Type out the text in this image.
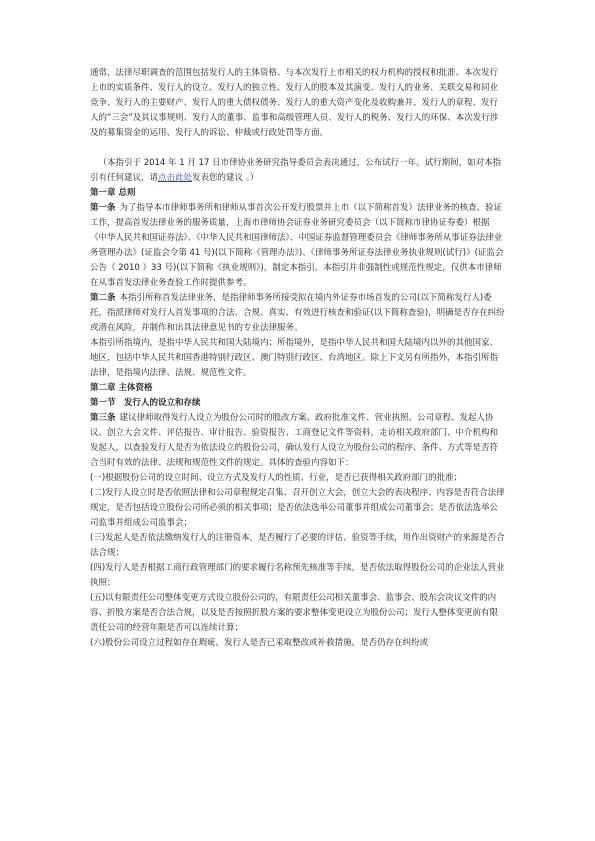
通常，法律尽职调查的范围包括发行人的主体资格、与本次发行上市相关的权力机构的授权和批准、本次发行上市的实质条件、发行人的设立、发行人的独立性、发行人的股本及其演变、发行人的业务、关联交易和同业竞争、发行人的主要财产、发行人的重大债权债务、发行人的重大资产变化及收购兼并、发行人的章程、发行人的“三会”及其议事规则、发行人的董事、监事和高级管理人员、发行人的税务、发行人的环保、本次发行涉及的募集资金的运用、发行人的诉讼、仲裁或行政处罚等方面。

（本指引于 2014 年 1 月 17 日市律协业务研究指导委员会表决通过，公布试行一年。试行期间，如对本指引有任何建议，请点击此处发表您的建议 。）

第一章 总则

第一条 为了指导本市律师事务所和律师从事首次公开发行股票并上市（以下简称首发）法律业务的核查、验证工作，提高首发法律业务的服务质量，上海市律师协会证券业务研究委员会（以下简称市律协证券委）根据《中华人民共和国证券法》、《中华人民共和国律师法》、中国证券监督管理委员会《律师事务所从事证券法律业务管理办法》(证监会令第 41 号)(以下简称《管理办法》)、《律师事务所证券法律业务执业规则(试行)》(证监会公告（ 2010 ）33 号)(以下简称《执业规则》)，制定本指引。本指引并非强制性或规范性规定，仅供本市律师在从事首发法律业务查验工作时提供参考。

第二条 本指引所称首发法律业务，是指律师事务所接受拟在境内外证券市场首发的公司(以下简称发行人)委托，指派律师对发行人首发事项的合法、合规、真实、有效进行核查和验证(以下简称查验)，明确是否存在纠纷或潜在风险，并制作和出具法律意见书的专业法律服务。

本指引所指境内，是指中华人民共和国大陆境内；所指境外，是指中华人民共和国大陆境内以外的其他国家、地区，包括中华人民共和国香港特别行政区、澳门特别行政区、台湾地区。除上下文另有所指外，本指引所指法律，是指境内法律、法规、规范性文件。

第二章 主体资格

第一节　发行人的设立和存续

第三条 建议律师取得发行人设立为股份公司时的股改方案、政府批准文件、营业执照、公司章程、发起人协议、创立大会文件、评估报告、审计报告、验资报告、工商登记文件等资料，走访相关政府部门、中介机构和发起人，以查验发行人是否为依法设立的股份公司，确认发行人设立为股份公司的程序、条件、方式等是否符合当时有效的法律、法规和规范性文件的规定。具体的查验内容如下：

(一)根据股份公司的设立时间、设立方式及发行人的性质、行业，是否已获得相关政府部门的批准；

(二)发行人设立时是否依照法律和公司章程规定召集、召开创立大会，创立大会的表决程序、内容是否符合法律规定，是否包括设立股份公司所必须的相关事项；是否依法选举公司董事并组成公司董事会；是否依法选举公司监事并组成公司监事会；

(三)发起人是否依法缴纳发行人的注册资本，是否履行了必要的评估、验资等手续，用作出资财产的来源是否合法合规；

(四)发行人是否根据工商行政管理部门的要求履行名称预先核准等手续，是否依法取得股份公司的企业法人营业执照；

(五)以有限责任公司整体变更方式设立股份公司的，有限责任公司相关董事会、监事会、股东会决议文件的内容、折股方案是否合法合规，以及是否按照折股方案的要求整体变更设立为股份公司；发行人整体变更前有限责任公司的经营年限是否可以连续计算；

(六)股份公司设立过程如存在瑕疵，发行人是否已采取整改或补救措施，是否仍存在纠纷或
